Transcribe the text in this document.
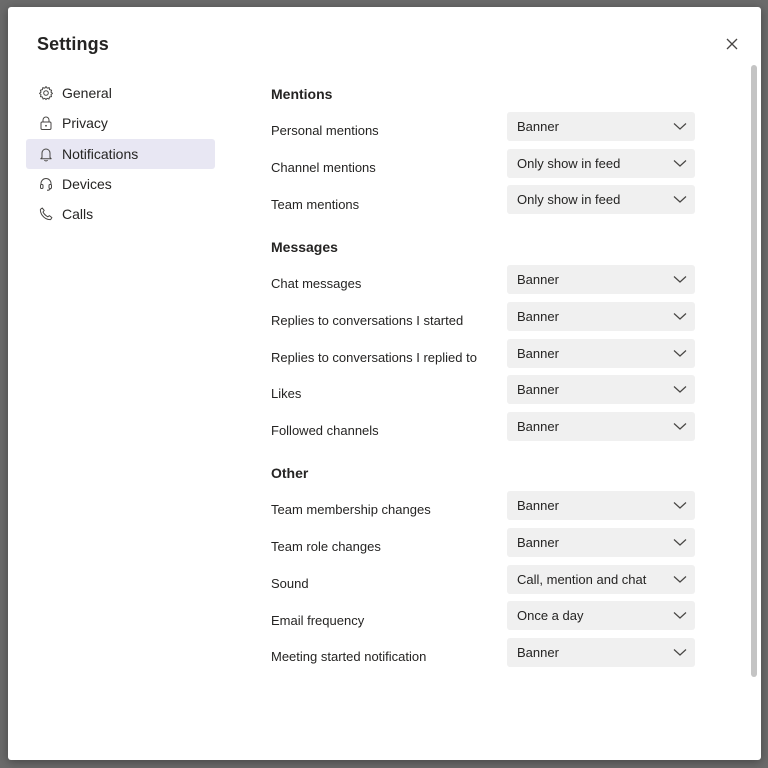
Settings
General
Privacy
Notifications
Devices
Calls
Mentions
Personal mentions	Banner
Channel mentions	Only show in feed
Team mentions	Only show in feed
Messages
Chat messages	Banner
Replies to conversations I started	Banner
Replies to conversations I replied to	Banner
Likes	Banner
Followed channels	Banner
Other
Team membership changes	Banner
Team role changes	Banner
Sound	Call, mention and chat
Email frequency	Once a day
Meeting started notification	Banner
